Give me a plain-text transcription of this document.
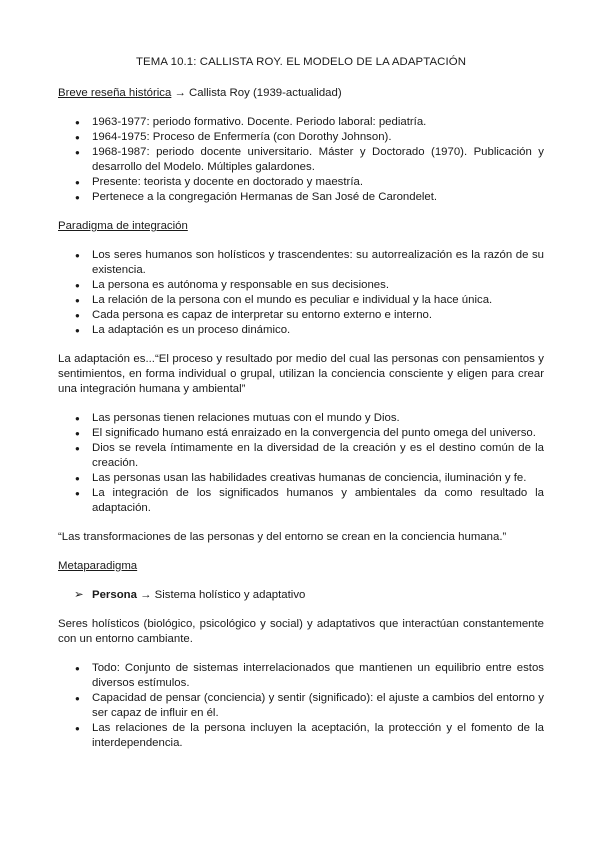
TEMA 10.1: CALLISTA ROY. EL MODELO DE LA ADAPTACIÓN
Breve reseña histórica → Callista Roy (1939-actualidad)
● 1963-1977: periodo formativo. Docente. Periodo laboral: pediatría.
● 1964-1975: Proceso de Enfermería (con Dorothy Johnson).
● 1968-1987: periodo docente universitario. Máster y Doctorado (1970). Publicación y desarrollo del Modelo. Múltiples galardones.
● Presente: teorista y docente en doctorado y maestría.
● Pertenece a la congregación Hermanas de San José de Carondelet.
Paradigma de integración
● Los seres humanos son holísticos y trascendentes: su autorrealización es la razón de su existencia.
● La persona es autónoma y responsable en sus decisiones.
● La relación de la persona con el mundo es peculiar e individual y la hace única.
● Cada persona es capaz de interpretar su entorno externo e interno.
● La adaptación es un proceso dinámico.

La adaptación es...“El proceso y resultado por medio del cual las personas con pensamientos y sentimientos, en forma individual o grupal, utilizan la conciencia consciente y eligen para crear una integración humana y ambiental”

● Las personas tienen relaciones mutuas con el mundo y Dios.
● El significado humano está enraizado en la convergencia del punto omega del universo.
● Dios se revela íntimamente en la diversidad de la creación y es el destino común de la creación.
● Las personas usan las habilidades creativas humanas de conciencia, iluminación y fe.
● La integración de los significados humanos y ambientales da como resultado la adaptación.

“Las transformaciones de las personas y del entorno se crean en la conciencia humana.”

Metaparadigma
➢ Persona → Sistema holístico y adaptativo

Seres holísticos (biológico, psicológico y social) y adaptativos que interactúan constantemente con un entorno cambiante.

● Todo: Conjunto de sistemas interrelacionados que mantienen un equilibrio entre estos diversos estímulos.
● Capacidad de pensar (conciencia) y sentir (significado): el ajuste a cambios del entorno y ser capaz de influir en él.
● Las relaciones de la persona incluyen la aceptación, la protección y el fomento de la interdependencia.
